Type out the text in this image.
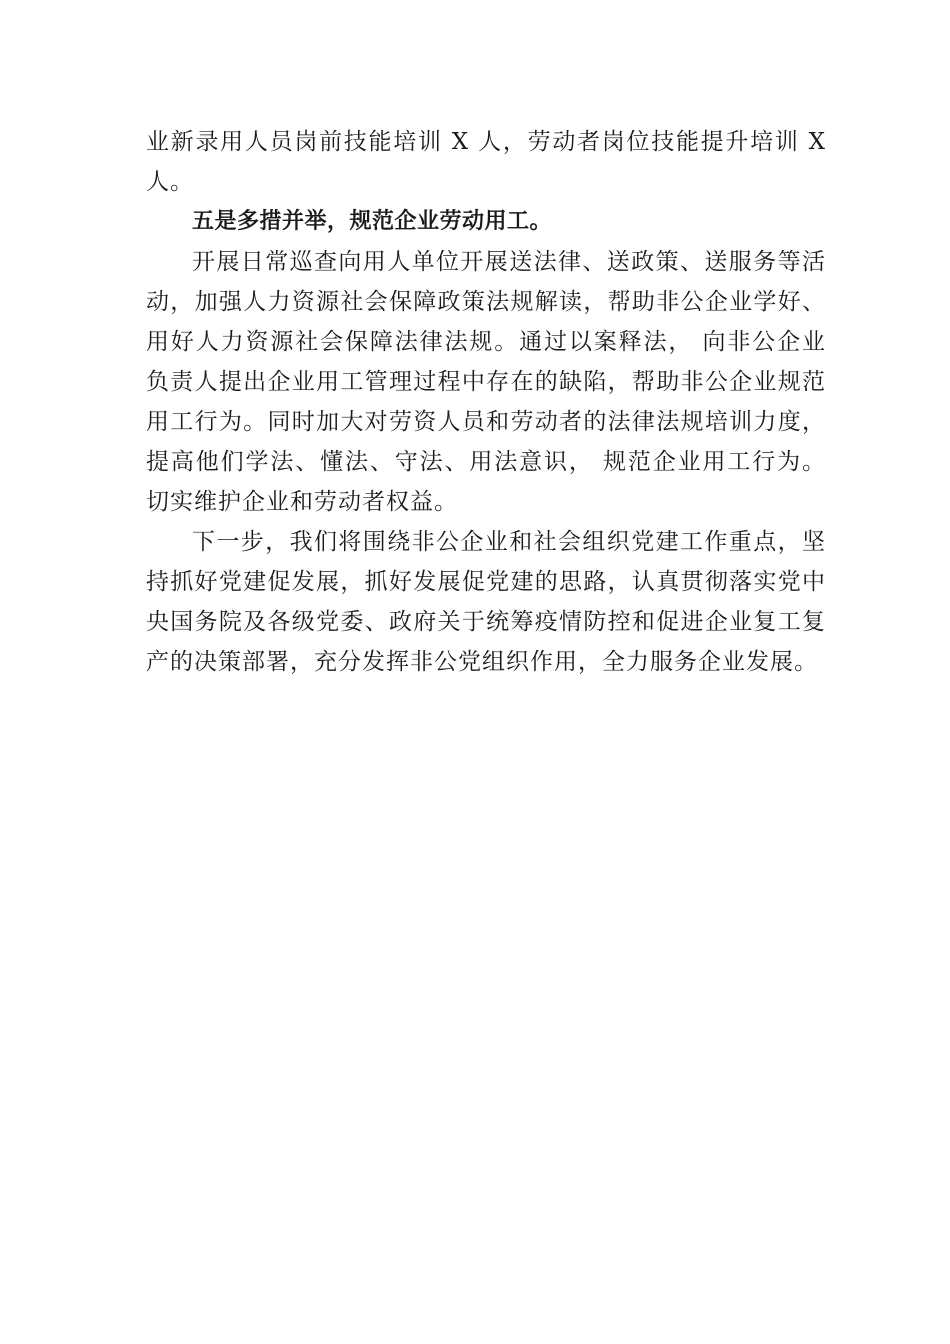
业新录用人员岗前技能培训 X 人，劳动者岗位技能提升培训 X 人。

五是多措并举，规范企业劳动用工。

开展日常巡查向用人单位开展送法律、送政策、送服务等活动，加强人力资源社会保障政策法规解读，帮助非公企业学好、用好人力资源社会保障法律法规。通过以案释法， 向非公企业负责人提出企业用工管理过程中存在的缺陷，帮助非公企业规范用工行为。同时加大对劳资人员和劳动者的法律法规培训力度，提高他们学法、懂法、守法、用法意识， 规范企业用工行为。切实维护企业和劳动者权益。

下一步，我们将围绕非公企业和社会组织党建工作重点，坚持抓好党建促发展，抓好发展促党建的思路，认真贯彻落实党中央国务院及各级党委、政府关于统筹疫情防控和促进企业复工复产的决策部署，充分发挥非公党组织作用，全力服务企业发展。
